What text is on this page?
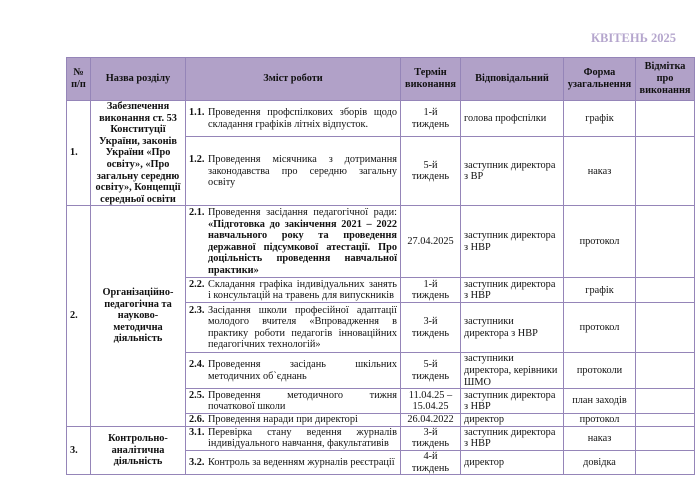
КВІТЕНЬ 2025
№ п/п	Назва розділу	Зміст роботи	Термін виконання	Відповідальний	Форма узагальнення	Відмітка про виконання
1.	Забезпечення виконання ст. 53 Конституції України, законів України «Про освіту», «Про загальну середню освіту», Концепції середньої освіти	1.1. Проведення профспілкових зборів щодо складання графіків літніх відпусток.	1-й тиждень	голова профспілки	графік	

		1.2. Проведення місячника з дотримання законодавства про середню загальну освіту	5-й тиждень	заступник директора з ВР	наказ	
2.	Організаційно-педагогічна та науково-методична діяльність	2.1. Проведення засідання педагогічної ради: «Підготовка до закінчення 2021 – 2022 навчального року та проведення державної підсумкової атестації. Про доцільність проведення навчальної практики»	27.04.2025	заступник директора з НВР	протокол	

		2.2. Складання графіка індивідуальних занять і консультацій на травень для випускників	1-й тиждень	заступник директора з НВР	графік	

		2.3. Засідання школи професійної адаптації молодого вчителя «Впровадження в практику роботи педагогів інноваційних педагогічних технологій»	3-й тиждень	заступники директора з НВР	протокол	

		2.4. Проведення засідань шкільних методичних об`єднань	5-й тиждень	заступники директора, керівники ШМО	протоколи	

		2.5. Проведення методичного тижня початкової школи	11.04.25 – 15.04.25	заступник директора з НВР	план заходів	

		2.6. Проведення наради при директорі	26.04.2022	директор	протокол	
3.	Контрольно-аналітична діяльність	3.1. Перевірка стану ведення журналів індивідуального навчання, факультативів	3-й тиждень	заступник директора з НВР	наказ	

		3.2. Контроль за веденням журналів реєстрації	4-й тиждень	директор	довідка	
